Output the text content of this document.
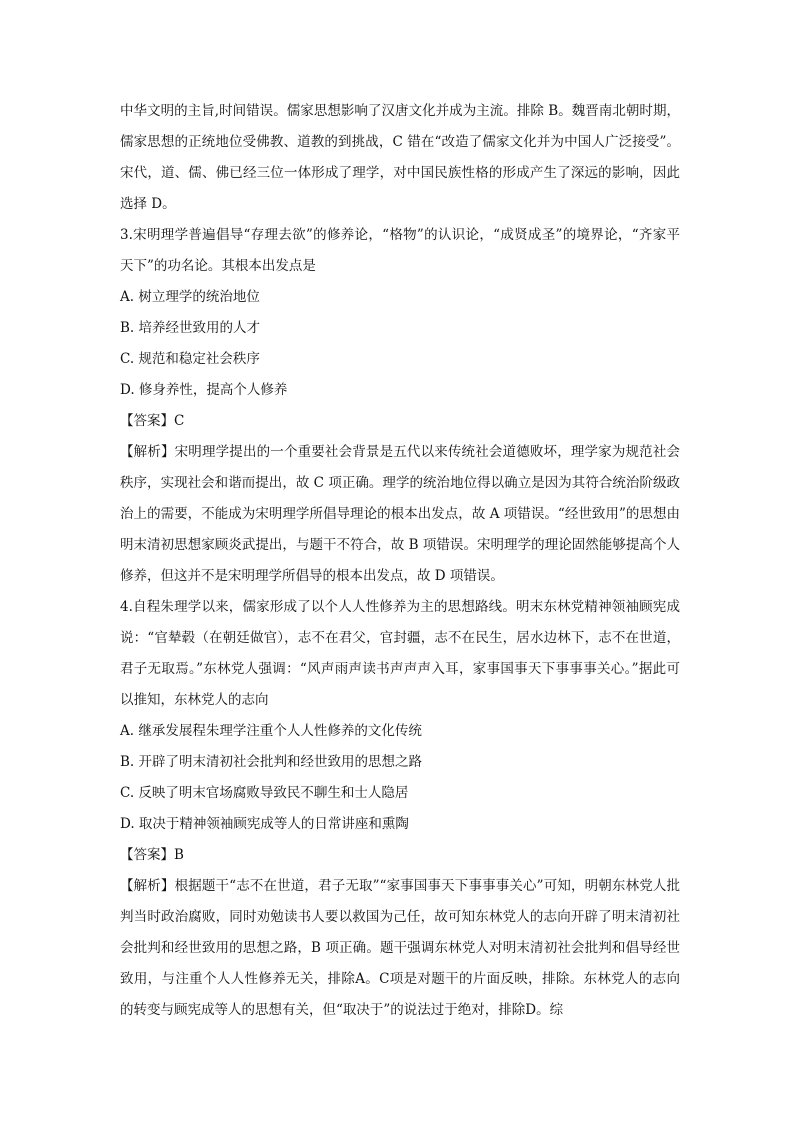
中华文明的主旨,时间错误。儒家思想影响了汉唐文化并成为主流。排除 B。魏晋南北朝时期，儒家思想的正统地位受佛教、道教的到挑战，C 错在“改造了儒家文化并为中国人广泛接受”。 宋代，道、儒、佛已经三位一体形成了理学，对中国民族性格的形成产生了深远的影响，因此选择 D。

3.宋明理学普遍倡导“存理去欲”的修养论，“格物”的认识论，“成贤成圣”的境界论，“齐家平天下”的功名论。其根本出发点是

A. 树立理学的统治地位

B. 培养经世致用的人才

C. 规范和稳定社会秩序

D. 修身养性，提高个人修养

【答案】C

【解析】宋明理学提出的一个重要社会背景是五代以来传统社会道德败坏，理学家为规范社会秩序，实现社会和谐而提出，故 C 项正确。理学的统治地位得以确立是因为其符合统治阶级政治上的需要，不能成为宋明理学所倡导理论的根本出发点，故 A 项错误。“经世致用”的思想由明末清初思想家顾炎武提出，与题干不符合，故 B 项错误。宋明理学的理论固然能够提高个人修养，但这并不是宋明理学所倡导的根本出发点，故 D 项错误。

4.自程朱理学以来，儒家形成了以个人人性修养为主的思想路线。明末东林党精神领袖顾宪成说：“官辇毂（在朝廷做官），志不在君父，官封疆，志不在民生，居水边林下，志不在世道，君子无取焉。”东林党人强调：“风声雨声读书声声声入耳，家事国事天下事事事关心。”据此可以推知，东林党人的志向

A. 继承发展程朱理学注重个人人性修养的文化传统

B. 开辟了明末清初社会批判和经世致用的思想之路

C. 反映了明末官场腐败导致民不聊生和士人隐居

D. 取决于精神领袖顾宪成等人的日常讲座和熏陶

【答案】B

【解析】根据题干“志不在世道，君子无取”“家事国事天下事事事关心”可知，明朝东林党人批判当时政治腐败，同时劝勉读书人要以救国为己任，故可知东林党人的志向开辟了明末清初社会批判和经世致用的思想之路，B 项正确。题干强调东林党人对明末清初社会批判和倡导经世致用，与注重个人人性修养无关，排除A。C项是对题干的片面反映，排除。东林党人的志向的转变与顾宪成等人的思想有关，但“取决于”的说法过于绝对，排除D。综
